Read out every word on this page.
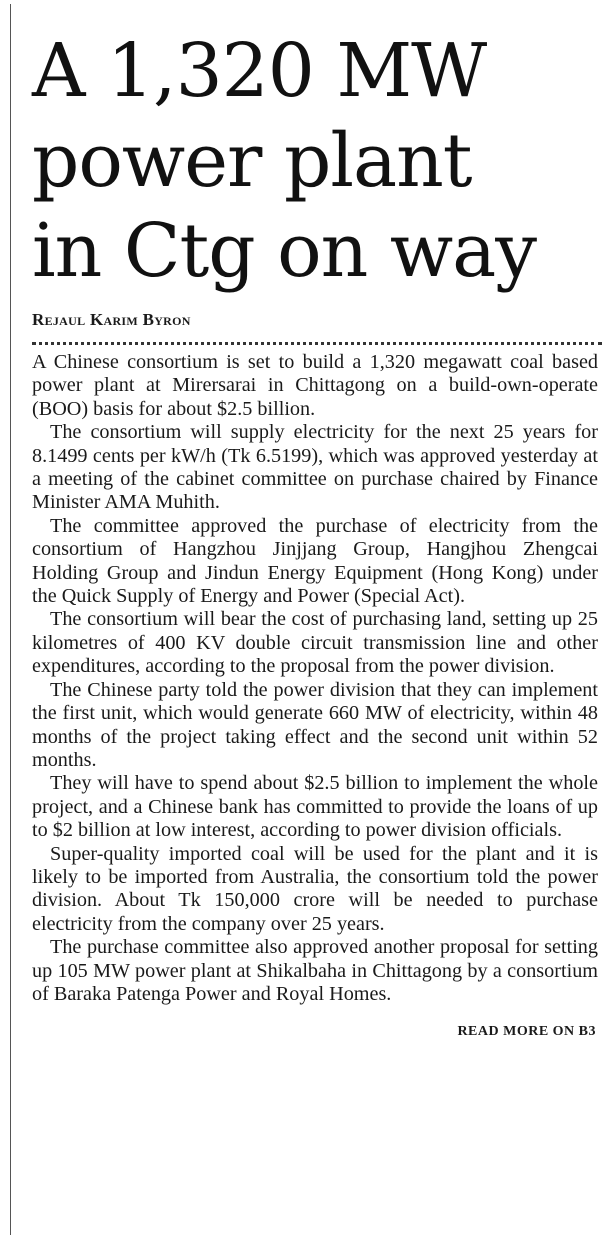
A 1,320 MW
power plant
in Ctg on way
Rejaul Karim Byron

A Chinese consortium is set to build a 1,320 megawatt coal based power plant at Mirersarai in Chittagong on a build-own-operate (BOO) basis for about $2.5 billion.

The consortium will supply electricity for the next 25 years for 8.1499 cents per kW/h (Tk 6.5199), which was approved yesterday at a meeting of the cabinet committee on purchase chaired by Finance Minister AMA Muhith.

The committee approved the purchase of electricity from the consortium of Hangzhou Jinjjang Group, Hangjhou Zhengcai Holding Group and Jindun Energy Equipment (Hong Kong) under the Quick Supply of Energy and Power (Special Act).

The consortium will bear the cost of purchasing land, setting up 25 kilometres of 400 KV double circuit transmission line and other expenditures, according to the proposal from the power division.

The Chinese party told the power division that they can implement the first unit, which would generate 660 MW of electricity, within 48 months of the project taking effect and the second unit within 52 months.

They will have to spend about $2.5 billion to implement the whole project, and a Chinese bank has committed to provide the loans of up to $2 billion at low interest, according to power division officials.

Super-quality imported coal will be used for the plant and it is likely to be imported from Australia, the consortium told the power division. About Tk 150,000 crore will be needed to purchase electricity from the company over 25 years.

The purchase committee also approved another proposal for setting up 105 MW power plant at Shikalbaha in Chittagong by a consortium of Baraka Patenga Power and Royal Homes.

READ MORE ON B3
